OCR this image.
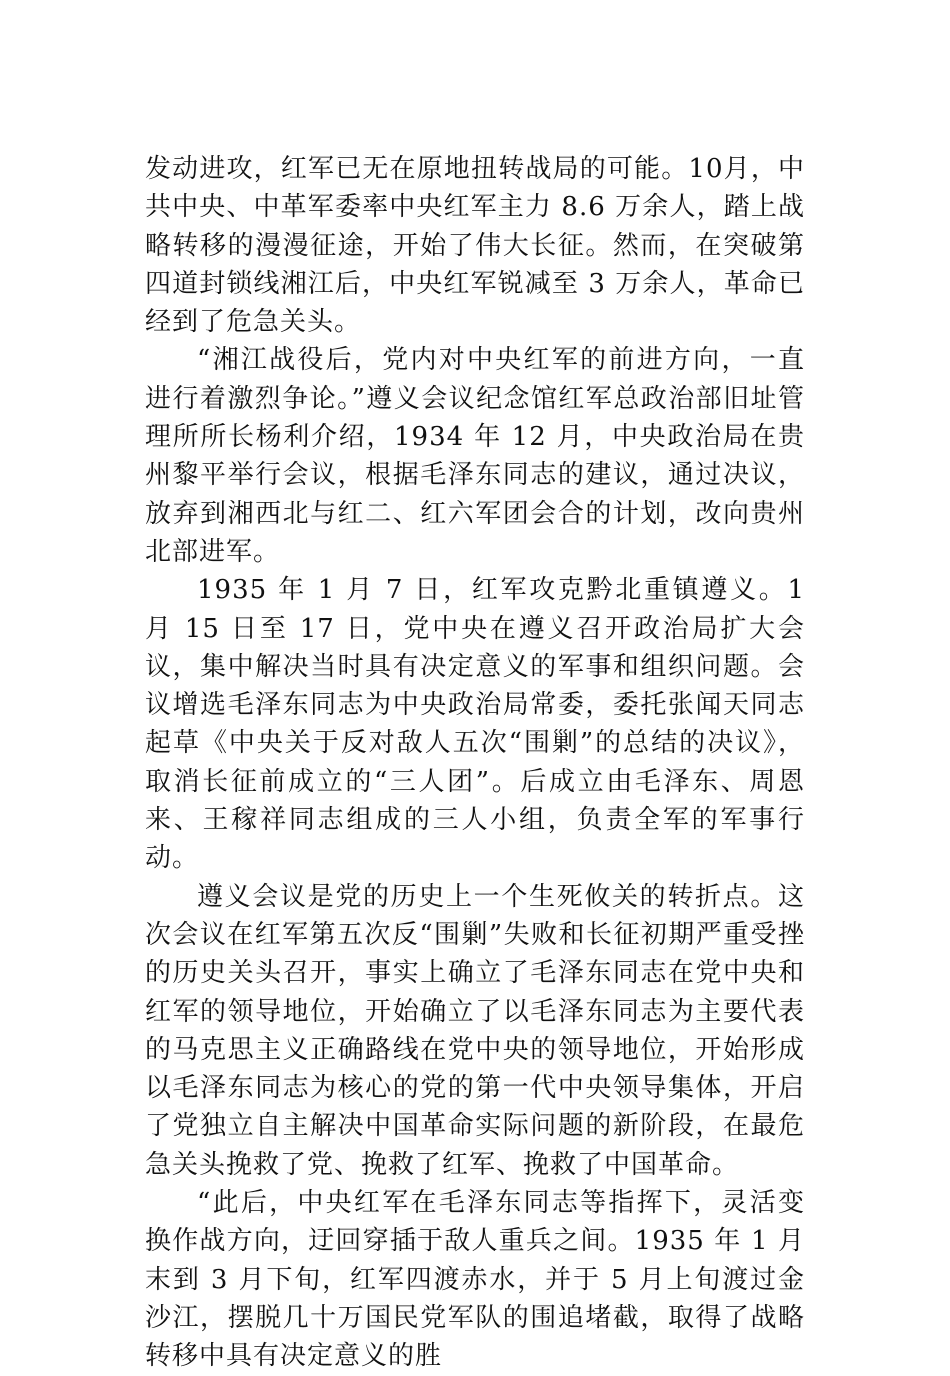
发动进攻，红军已无在原地扭转战局的可能。10月，中共中央、中革军委率中央红军主力 8.6 万余人，踏上战略转移的漫漫征途，开始了伟大长征。然而，在突破第四道封锁线湘江后，中央红军锐减至 3 万余人，革命已经到了危急关头。

“湘江战役后，党内对中央红军的前进方向，一直进行着激烈争论。”遵义会议纪念馆红军总政治部旧址管理所所长杨利介绍，1934 年 12 月，中央政治局在贵州黎平举行会议，根据毛泽东同志的建议，通过决议，放弃到湘西北与红二、红六军团会合的计划，改向贵州北部进军。

1935 年 1 月 7 日，红军攻克黔北重镇遵义。1 月 15 日至 17 日，党中央在遵义召开政治局扩大会议，集中解决当时具有决定意义的军事和组织问题。会议增选毛泽东同志为中央政治局常委，委托张闻天同志起草《中央关于反对敌人五次“围剿”的总结的决议》，取消长征前成立的“三人团”。后成立由毛泽东、周恩来、王稼祥同志组成的三人小组，负责全军的军事行动。

遵义会议是党的历史上一个生死攸关的转折点。这次会议在红军第五次反“围剿”失败和长征初期严重受挫的历史关头召开，事实上确立了毛泽东同志在党中央和红军的领导地位，开始确立了以毛泽东同志为主要代表的马克思主义正确路线在党中央的领导地位，开始形成以毛泽东同志为核心的党的第一代中央领导集体，开启了党独立自主解决中国革命实际问题的新阶段，在最危急关头挽救了党、挽救了红军、挽救了中国革命。

“此后，中央红军在毛泽东同志等指挥下，灵活变换作战方向，迂回穿插于敌人重兵之间。1935 年 1 月末到 3 月下旬，红军四渡赤水，并于 5 月上旬渡过金沙江，摆脱几十万国民党军队的围追堵截，取得了战略转移中具有决定意义的胜
